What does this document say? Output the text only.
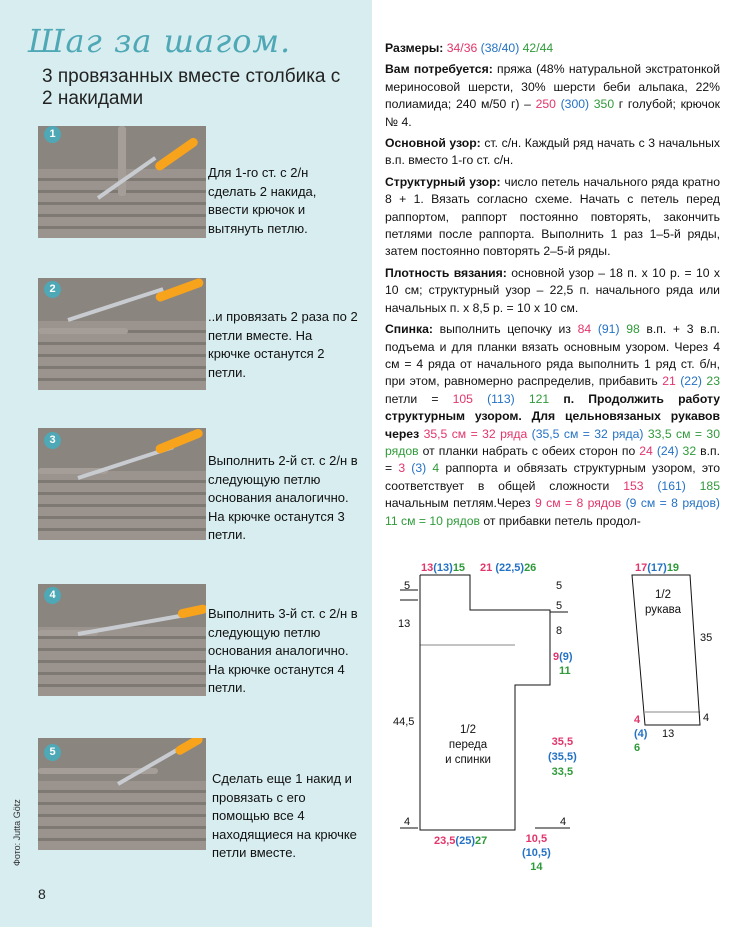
Шаг за шагом.
3 провязанных вместе столбика с 2 накидами
1
Для 1-го ст. с 2/н сделать 2 накида, ввести крючок и вытянуть петлю.
2
..и провязать 2 раза по 2 петли вместе. На крючке останутся 2 петли.
3
Выполнить 2-й ст. с 2/н в следующую петлю основания аналогично. На крючке останутся 3 петли.
4
Выполнить 3-й ст. с 2/н в следующую петлю основания аналогично. На крючке останутся 4 петли.
5
Сделать еще 1 накид и провязать с его помощью все 4 находящиеся на крючке петли вместе.
Фото: Jutta Götz
8

Размеры: 34/36 (38/40) 42/44

Вам потребуется: пряжа (48% натуральной экстратонкой мериносовой шерсти, 30% шерсти беби альпака, 22% полиамида; 240 м/50 г) – 250 (300) 350 г голубой; крючок № 4.

Основной узор: ст. с/н. Каждый ряд начать с 3 начальных в.п. вместо 1-го ст. с/н.

Структурный узор: число петель начального ряда кратно 8 + 1. Вязать согласно схеме. Начать с петель перед раппортом, раппорт постоянно повторять, закончить петлями после раппорта. Выполнить 1 раз 1–5-й ряды, затем постоянно повторять 2–5-й ряды.

Плотность вязания: основной узор – 18 п. х 10 р. = 10 х 10 см; структурный узор – 22,5 п. начального ряда или начальных п. х 8,5 р. = 10 х 10 см.

Спинка: выполнить цепочку из 84 (91) 98 в.п. + 3 в.п. подъема и для планки вязать основным узором. Через 4 см = 4 ряда от начального ряда выполнить 1 ряд ст. б/н, при этом, равномерно распределив, прибавить 21 (22) 23 петли = 105 (113) 121 п. Продолжить работу структурным узором. Для цельновязаных рукавов через 35,5 см = 32 ряда (35,5 см = 32 ряда) 33,5 см = 30 рядов от планки набрать с обеих сторон по 24 (24) 32 в.п. = 3 (3) 4 раппорта и обвязать структурным узором, это соответствует в общей сложности 153 (161) 185 начальным петлям.Через 9 см = 8 рядов (9 см = 8 рядов) 11 см = 10 рядов от прибавки петель продол-

13(13)15 21 (22,5)26
5
13
44,5
4
5
5
8
9(9)
11
1/2
переда
и спинки
35,5
(35,5)
33,5
23,5(25)27	10,5
(10,5)
14
4
17(17)19
1/2
рукава
35
4
13
4
(4)
6
